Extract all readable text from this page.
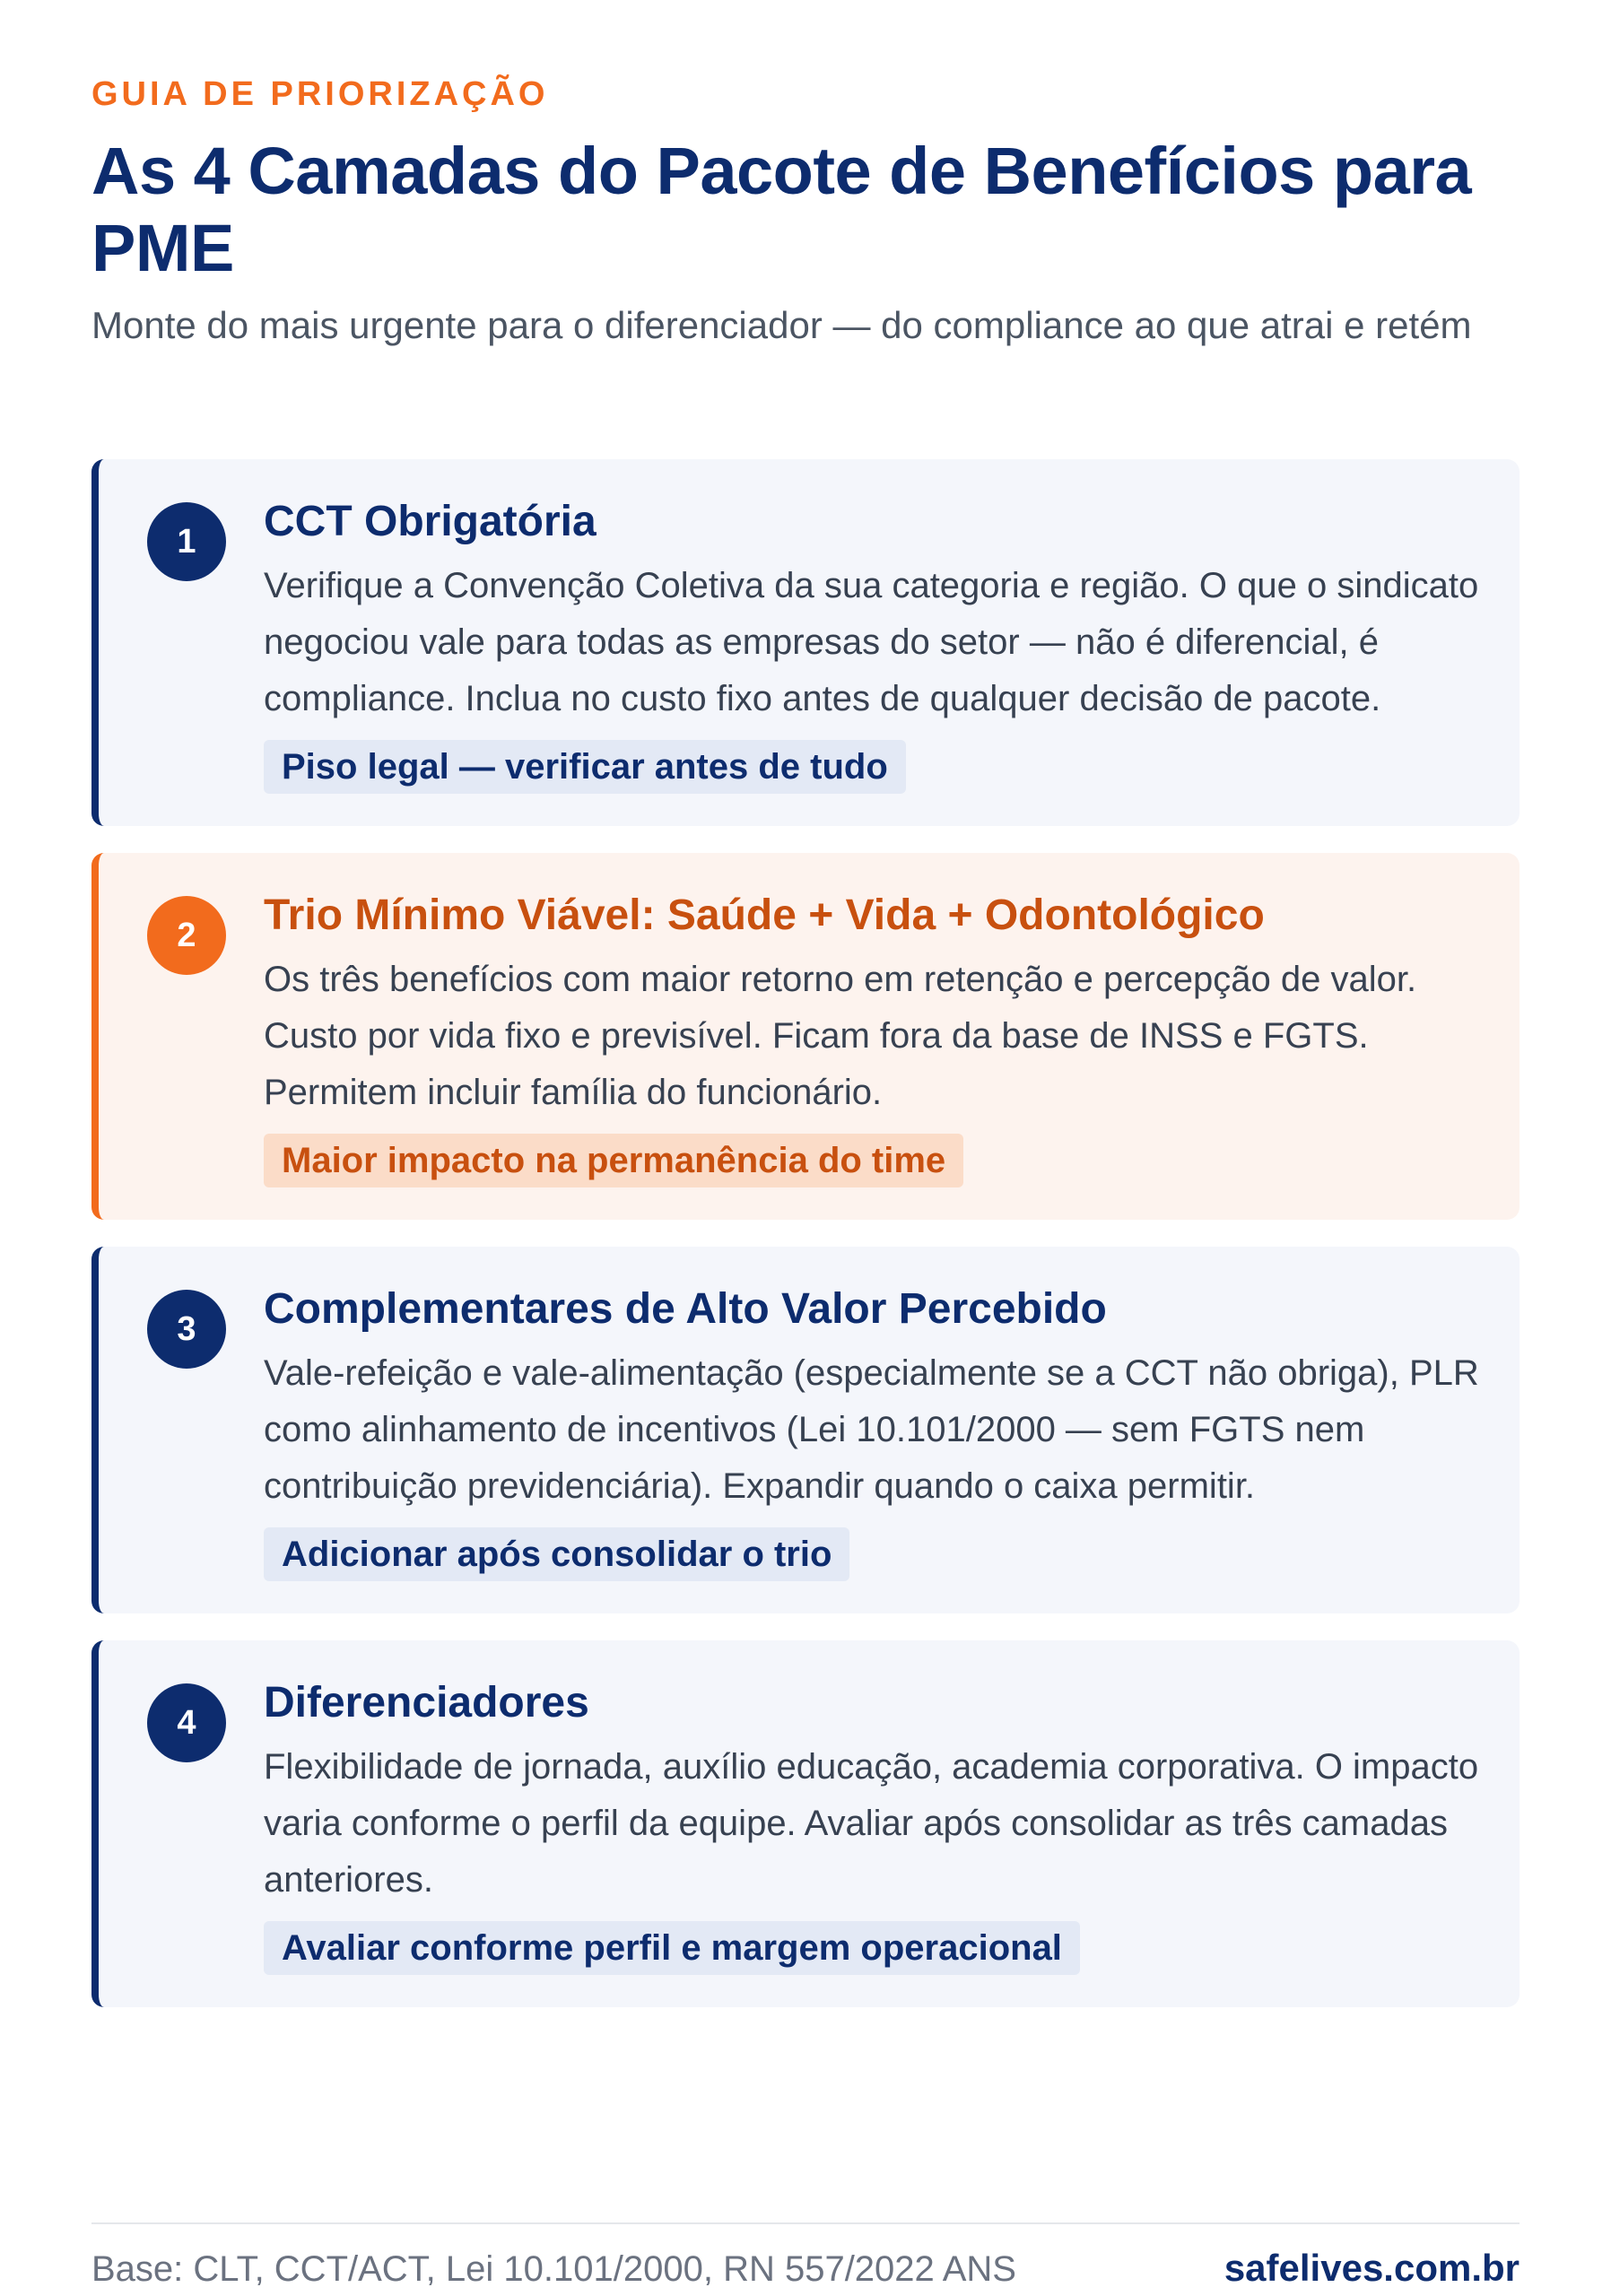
GUIA DE PRIORIZAÇÃO

As 4 Camadas do Pacote de Benefícios para PME

Monte do mais urgente para o diferenciador — do compliance ao que atrai e retém

1	CCT Obrigatória

Verifique a Convenção Coletiva da sua categoria e região. O que o sindicato negociou vale para todas as empresas do setor — não é diferencial, é compliance. Inclua no custo fixo antes de qualquer decisão de pacote.

Piso legal — verificar antes de tudo
2	Trio Mínimo Viável: Saúde + Vida + Odontológico

Os três benefícios com maior retorno em retenção e percepção de valor. Custo por vida fixo e previsível. Ficam fora da base de INSS e FGTS. Permitem incluir família do funcionário.

Maior impacto na permanência do time
3	Complementares de Alto Valor Percebido

Vale-refeição e vale-alimentação (especialmente se a CCT não obriga), PLR como alinhamento de incentivos (Lei 10.101/2000 — sem FGTS nem contribuição previdenciária). Expandir quando o caixa permitir.

Adicionar após consolidar o trio
4	Diferenciadores

Flexibilidade de jornada, auxílio educação, academia corporativa. O impacto varia conforme o perfil da equipe. Avaliar após consolidar as três camadas anteriores.

Avaliar conforme perfil e margem operacional
Base: CLT, CCT/ACT, Lei 10.101/2000, RN 557/2022 ANS	safelives.com.br
